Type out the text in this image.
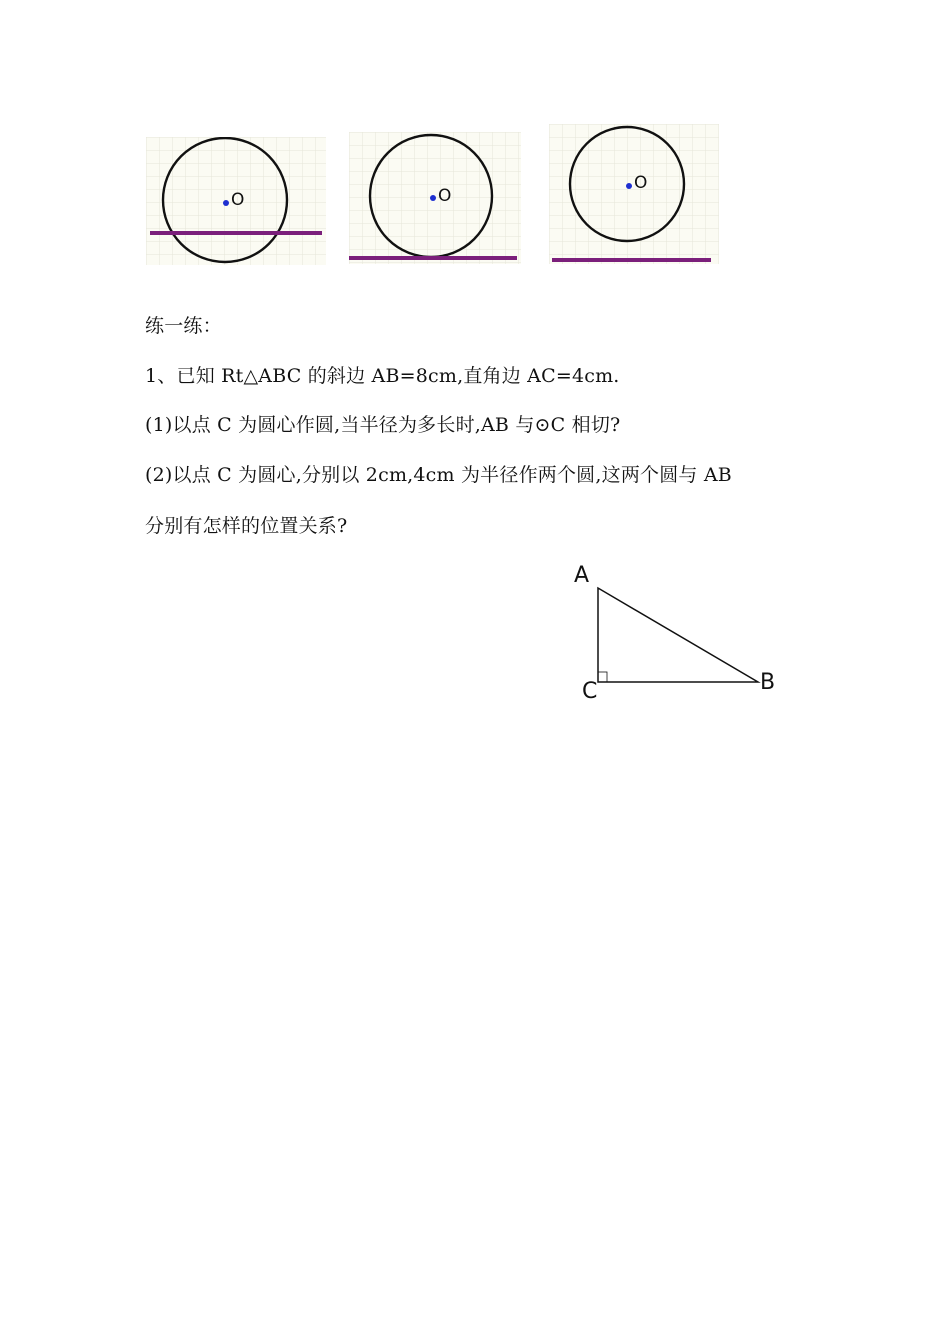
O	O
O
练一练：
1、已知 Rt△ABC 的斜边 AB=8cm,直角边 AC=4cm.
(1)以点 C 为圆心作圆,当半径为多长时,AB 与⊙C 相切?
(2)以点 C 为圆心,分别以 2cm,4cm 为半径作两个圆,这两个圆与 AB
分别有怎样的位置关系?
A
B
C
